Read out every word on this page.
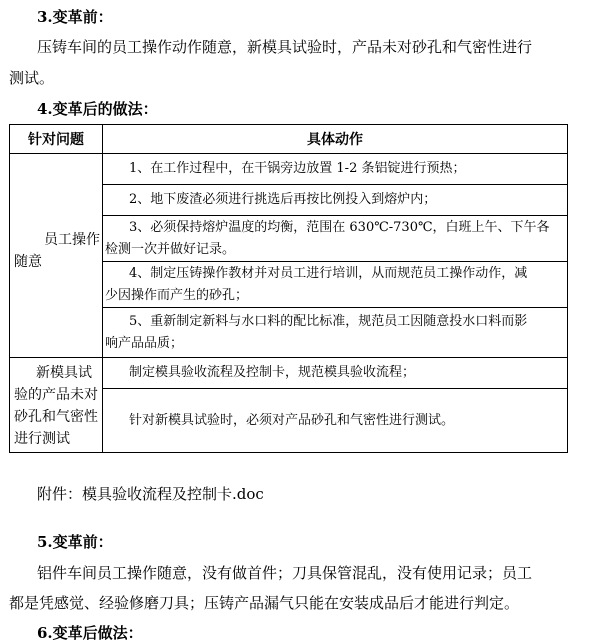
3.变革前：
压铸车间的员工操作动作随意，新模具试验时，产品未对砂孔和气密性进行
测试。
4.变革后的做法：
针对问题	具体动作

员工操作
随意	1、在工作过程中，在干锅旁边放置 1-2 条铝锭进行预热；

	2、地下废渣必须进行挑选后再按比例投入到熔炉内；

	3、必须保持熔炉温度的均衡，范围在 630℃-730℃，白班上午、下午各
检测一次并做好记录。

	4、制定压铸操作教材并对员工进行培训，从而规范员工操作动作，减
少因操作而产生的砂孔；

	5、重新制定新料与水口料的配比标准，规范员工因随意投水口料而影
响产品品质；

新模具试
验的产品未对
砂孔和气密性
进行测试	制定模具验收流程及控制卡，规范模具验收流程；

	针对新模具试验时，必须对产品砂孔和气密性进行测试。
附件：模具验收流程及控制卡.doc
5.变革前：
铝件车间员工操作随意，没有做首件；刀具保管混乱，没有使用记录；员工
都是凭感觉、经验修磨刀具；压铸产品漏气只能在安装成品后才能进行判定。
6.变革后做法：
